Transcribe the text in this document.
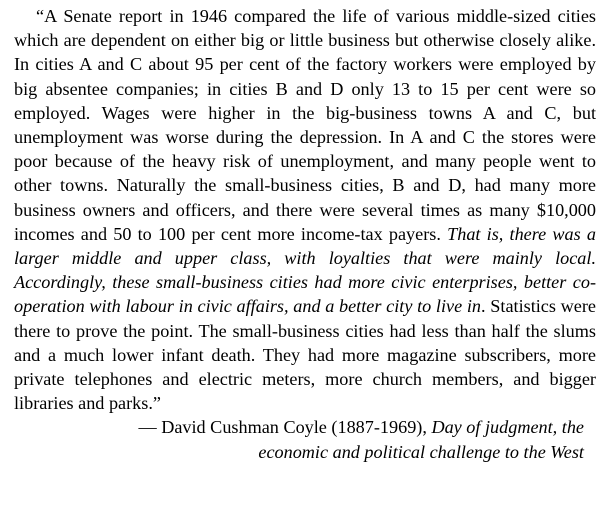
“A Senate report in 1946 compared the life of various middle-sized cities which are dependent on either big or little business but otherwise closely alike. In cities A and C about 95 per cent of the factory workers were employed by big absentee companies; in cities B and D only 13 to 15 per cent were so employed. Wages were higher in the big-business towns A and C, but unemployment was worse during the depression. In A and C the stores were poor because of the heavy risk of unemployment, and many people went to other towns. Naturally the small-business cities, B and D, had many more business owners and officers, and there were several times as many $10,000 incomes and 50 to 100 per cent more income-tax payers. That is, there was a larger middle and upper class, with loyalties that were mainly local. Accordingly, these small-business cities had more civic enterprises, better co-operation with labour in civic affairs, and a better city to live in. Statistics were there to prove the point. The small-business cities had less than half the slums and a much lower infant death. They had more magazine subscribers, more private telephones and electric meters, more church members, and bigger libraries and parks.”

— David Cushman Coyle (1887-1969), Day of judgment, the
economic and political challenge to the West
